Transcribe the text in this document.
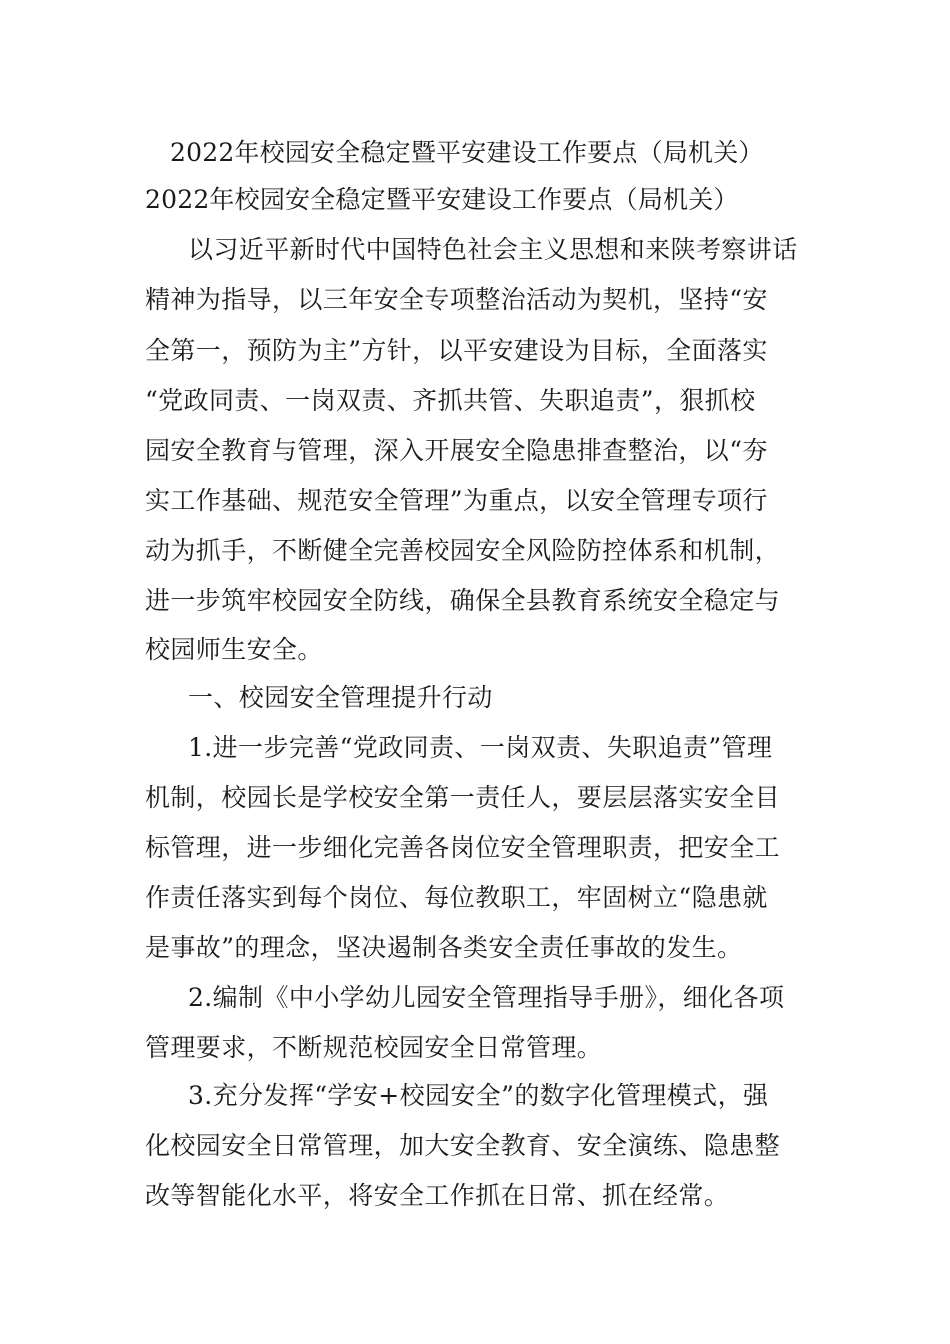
2022年校园安全稳定暨平安建设工作要点（局机关）
2022年校园安全稳定暨平安建设工作要点（局机关）
以习近平新时代中国特色社会主义思想和来陕考察讲话
精神为指导，以三年安全专项整治活动为契机，坚持“安
全第一，预防为主”方针，以平安建设为目标，全面落实
“党政同责、一岗双责、齐抓共管、失职追责”，狠抓校
园安全教育与管理，深入开展安全隐患排查整治，以“夯
实工作基础、规范安全管理”为重点，以安全管理专项行
动为抓手，不断健全完善校园安全风险防控体系和机制，
进一步筑牢校园安全防线，确保全县教育系统安全稳定与
校园师生安全。
一、校园安全管理提升行动
1.进一步完善“党政同责、一岗双责、失职追责”管理
机制，校园长是学校安全第一责任人，要层层落实安全目
标管理，进一步细化完善各岗位安全管理职责，把安全工
作责任落实到每个岗位、每位教职工，牢固树立“隐患就
是事故”的理念，坚决遏制各类安全责任事故的发生。
2.编制《中小学幼儿园安全管理指导手册》，细化各项
管理要求，不断规范校园安全日常管理。
3.充分发挥“学安+校园安全”的数字化管理模式，强
化校园安全日常管理，加大安全教育、安全演练、隐患整
改等智能化水平，将安全工作抓在日常、抓在经常。
